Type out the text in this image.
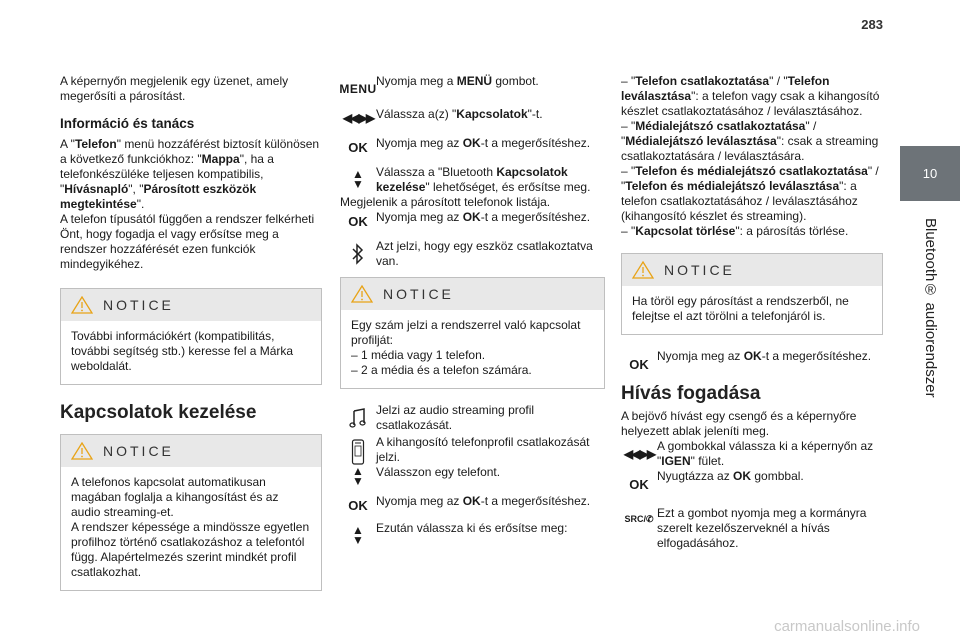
283
10
Bluetooth® audiorendszer

A képernyőn megjelenik egy üzenet, amely megerősíti a párosítást.

Információ és tanács

A "Telefon" menü hozzáférést biztosít különösen a következő funkciókhoz: "Mappa", ha a telefonkészüléke teljesen kompatibilis, "Hívásnapló", "Párosított eszközök megtekintése".

A telefon típusától függően a rendszer felkérheti Önt, hogy fogadja el vagy erősítse meg a rendszer hozzáférését ezen funkciók mindegyikéhez.

NOTICE
További információkért (kompatibilitás, további segítség stb.) keresse fel a Márka weboldalát.
Kapcsolatok kezelése
NOTICE

A telefonos kapcsolat automatikusan magában foglalja a kihangosítást és az audio streaming-et.

A rendszer képessége a mindössze egyetlen profilhoz történő csatlakozáshoz a telefontól függ. Alapértelmezés szerint mindkét profil csatlakozhat.

MENU
Nyomja meg a MENÜ gombot.
◀◀ ▶▶ Válassza a(z) "Kapcsolatok"-t.
OK Nyomja meg az OK-t a megerősítéshez.
▲
▼
Válassza a "Bluetooth Kapcsolatok kezelése" lehetőséget, és erősítse meg.

Megjelenik a párosított telefonok listája.

OK Nyomja meg az OK-t a megerősítéshez.
Azt jelzi, hogy egy eszköz csatlakoztatva van.
NOTICE

Egy szám jelzi a rendszerrel való kapcsolat profilját:

– 1 média vagy 1 telefon.

– 2 a média és a telefon számára.

Jelzi az audio streaming profil csatlakozását.
A kihangosító telefonprofil csatlakozását jelzi.
Válasszon egy telefont.
▲
▼
OK Nyomja meg az OK-t a megerősítéshez.
▲
▼
Ezután válassza ki és erősítse meg:

– "Telefon csatlakoztatása" / "Telefon leválasztása": a telefon vagy csak a kihangosító készlet csatlakoztatásához / leválasztásához.

– "Médialejátszó csatlakoztatása" / "Médialejátszó leválasztása": csak a streaming csatlakoztatására / leválasztására.

– "Telefon és médialejátszó csatlakoztatása" / "Telefon és médialejátszó leválasztása": a telefon csatlakoztatásához / leválasztásához (kihangosító készlet és streaming).

– "Kapcsolat törlése": a párosítás törlése.

NOTICE
Ha töröl egy párosítást a rendszerből, ne felejtse el azt törölni a telefonjáról is.
OK
Nyomja meg az OK-t a megerősítéshez.
Hívás fogadása

A bejövő hívást egy csengő és a képernyőre helyezett ablak jeleníti meg.

◀◀ ▶▶
A gombokkal válassza ki a képernyőn az "IGEN" fület.
OK
Nyugtázza az OK gombbal.
SRC /✆ Ezt a gombot nyomja meg a kormányra szerelt kezelőszerveknél a hívás elfogadásához.
carmanualsonline.info
